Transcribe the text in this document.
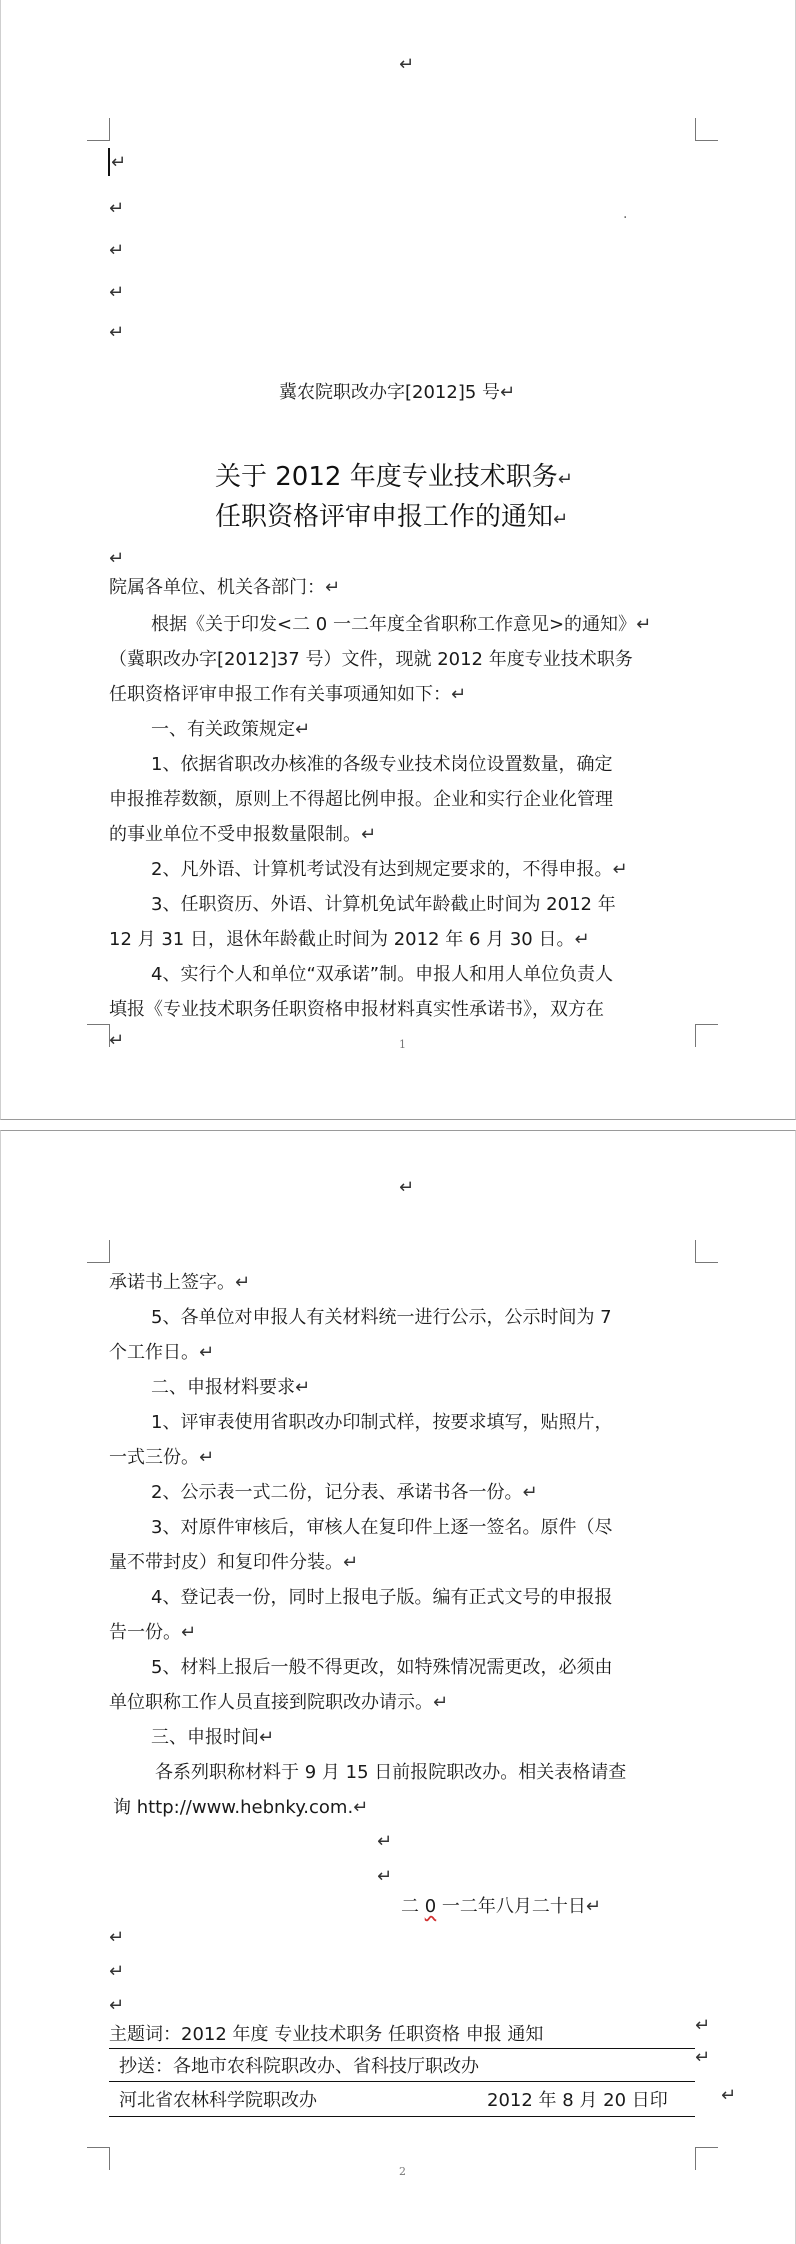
↵
↵
↵
↵
↵
↵
·
冀农院职改办字[2012]5 号↵
关于 2012 年度专业技术职务↵
任职资格评审申报工作的通知↵
↵
院属各单位、机关各部门：↵
根据《关于印发<二 0 一二年度全省职称工作意见>的通知》↵
（冀职改办字[2012]37 号）文件，现就 2012 年度专业技术职务
任职资格评审申报工作有关事项通知如下：↵
一、有关政策规定↵
1、依据省职改办核准的各级专业技术岗位设置数量，确定
申报推荐数额，原则上不得超比例申报。企业和实行企业化管理
的事业单位不受申报数量限制。↵
2、凡外语、计算机考试没有达到规定要求的，不得申报。↵
3、任职资历、外语、计算机免试年龄截止时间为 2012 年
12 月 31 日，退休年龄截止时间为 2012 年 6 月 30 日。↵
4、实行个人和单位“双承诺”制。申报人和用人单位负责人
填报《专业技术职务任职资格申报材料真实性承诺书》，双方在
↵	1
↵
承诺书上签字。↵
5、各单位对申报人有关材料统一进行公示，公示时间为 7
个工作日。↵
二、申报材料要求↵
1、评审表使用省职改办印制式样，按要求填写，贴照片，
一式三份。↵
2、公示表一式二份，记分表、承诺书各一份。↵
3、对原件审核后，审核人在复印件上逐一签名。原件（尽
量不带封皮）和复印件分装。↵
4、登记表一份，同时上报电子版。编有正式文号的申报报
告一份。↵
5、材料上报后一般不得更改，如特殊情况需更改，必须由
单位职称工作人员直接到院职改办请示。↵
三、申报时间↵
各系列职称材料于 9 月 15 日前报院职改办。相关表格请查
询 http://www.hebnky.com.↵
↵
↵
二 0 一二年八月二十日↵
↵
↵
↵
主题词：2012 年度 专业技术职务 任职资格 申报 通知	↵
抄送：各地市农科院职改办、省科技厅职改办	↵
河北省农林科学院职改办	2012 年 8 月 20 日印	↵
2
